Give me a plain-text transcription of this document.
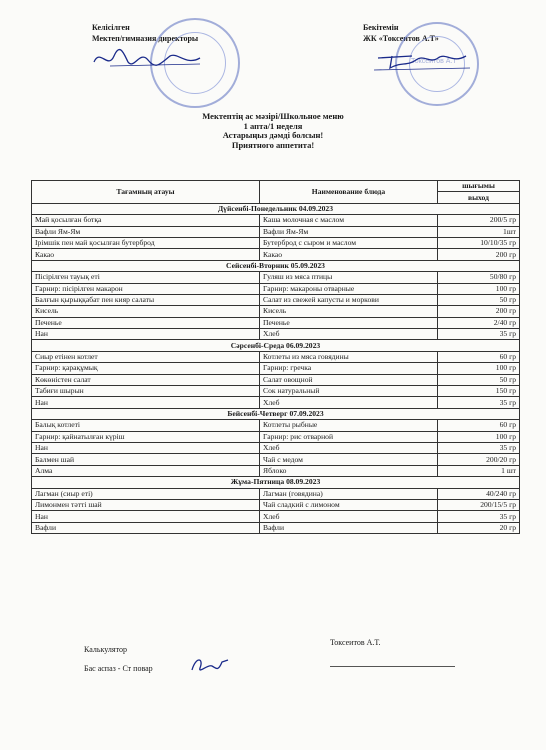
Келісілген
Мектеп/гимназия директоры
Бекітемін
ЖК «Токсеитов А.Т»
Токсеитов А.Т
Мектептің ас мәзірі/Школьное меню
1 апта/1 неделя
Астарыңыз дәмді болсын!
Приятного аппетита!
Тағамның атауы	Наименование блюда	шығымы
		выход
Дүйсенбі-Понедельник 04.09.2023		
Май қосылған ботқа	Каша молочная с маслом	200/5 гр
Вафли Ям-Ям	Вафли Ям-Ям	1шт
Ірімшік пен май қосылған бутерброд	Бутерброд с сыром и маслом	10/10/35 гр
Какао	Какао	200 гр
Сейсенбі-Вторник 05.09.2023		
Пісірілген тауық еті	Гуляш из мяса птицы	50/80 гр
Гарнир: пісірілген макарон	Гарнир: макароны отварные	100 гр
Балғын қырыққабат пен кияр салаты	Салат из свежей капусты и моркови	50 гр
Кисель	Кисель	200 гр
Печенье	Печенье	2/40 гр
Нан	Хлеб	35 гр
Сәрсенбі-Среда 06.09.2023		
Сиыр етінен котлет	Котлеты из мяса говядины	60 гр
Гарнир: қарақұмық	Гарнир: гречка	100 гр
Көкөністен салат	Салат овощной	50 гр
Табиғи шырын	Сок натуральный	150 гр
Нан	Хлеб	35 гр
Бейсенбі-Четверг 07.09.2023		
Балық котлеті	Котлеты рыбные	60 гр
Гарнир: қайнатылған күріш	Гарнир: рис отварной	100 гр
Нан	Хлеб	35 гр
Балмен шай	Чай с медом	200/20 гр
Алма	Яблоко	1 шт
Жұма-Пятница 08.09.2023		
Лагман (сиыр еті)	Лагман (говядина)	40/240 гр
Лимонмен тәтті шай	Чай сладкий с лимоном	200/15/5 гр
Нан	Хлеб	35 гр
Вафли	Вафли	20 гр
Калькулятор
Токсеитов А.Т.
Бас аспаз - Ст повар
